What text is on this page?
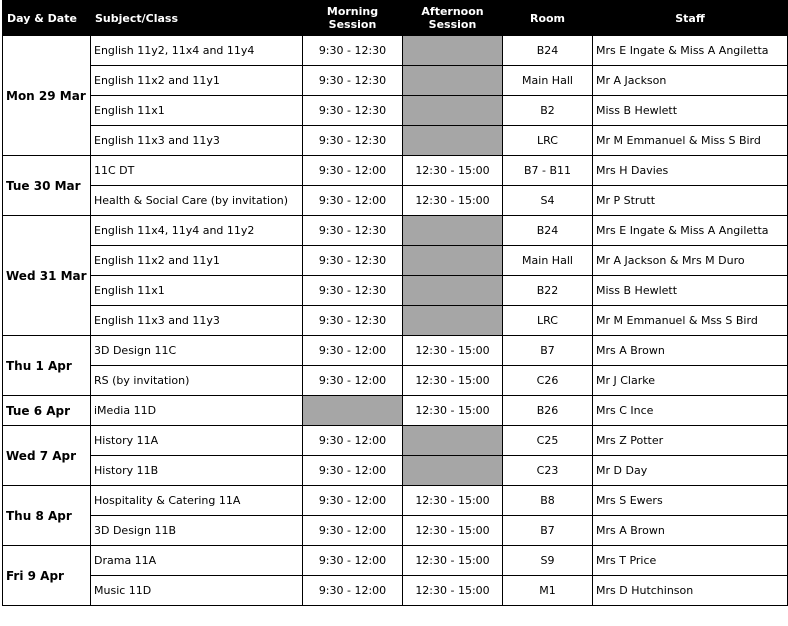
Day & Date	Subject/Class	Morning Session	Afternoon Session	Room	Staff
Mon 29 Mar	English 11y2, 11x4 and 11y4	9:30 - 12:30		B24	Mrs E Ingate & Miss A Angiletta
	English 11x2 and 11y1	9:30 - 12:30		Main Hall	Mr A Jackson
	English 11x1	9:30 - 12:30		B2	Miss B Hewlett
	English 11x3 and 11y3	9:30 - 12:30		LRC	Mr M Emmanuel & Miss S Bird
Tue 30 Mar	11C DT	9:30 - 12:00	12:30 - 15:00	B7 - B11	Mrs H Davies
	Health & Social Care (by invitation)	9:30 - 12:00	12:30 - 15:00	S4	Mr P Strutt
Wed 31 Mar	English 11x4, 11y4 and 11y2	9:30 - 12:30		B24	Mrs E Ingate & Miss A Angiletta
	English 11x2 and 11y1	9:30 - 12:30		Main Hall	Mr A Jackson & Mrs M Duro
	English 11x1	9:30 - 12:30		B22	Miss B Hewlett
	English 11x3 and 11y3	9:30 - 12:30		LRC	Mr M Emmanuel & Mss S Bird
Thu 1 Apr	3D Design 11C	9:30 - 12:00	12:30 - 15:00	B7	Mrs A Brown
	RS (by invitation)	9:30 - 12:00	12:30 - 15:00	C26	Mr J Clarke
Tue 6 Apr	iMedia 11D		12:30 - 15:00	B26	Mrs C Ince
Wed 7 Apr	History 11A	9:30 - 12:00		C25	Mrs Z Potter
	History 11B	9:30 - 12:00		C23	Mr D Day
Thu 8 Apr	Hospitality & Catering 11A	9:30 - 12:00	12:30 - 15:00	B8	Mrs S Ewers
	3D Design 11B	9:30 - 12:00	12:30 - 15:00	B7	Mrs A Brown
Fri 9 Apr	Drama 11A	9:30 - 12:00	12:30 - 15:00	S9	Mrs T Price
	Music 11D	9:30 - 12:00	12:30 - 15:00	M1	Mrs D Hutchinson
